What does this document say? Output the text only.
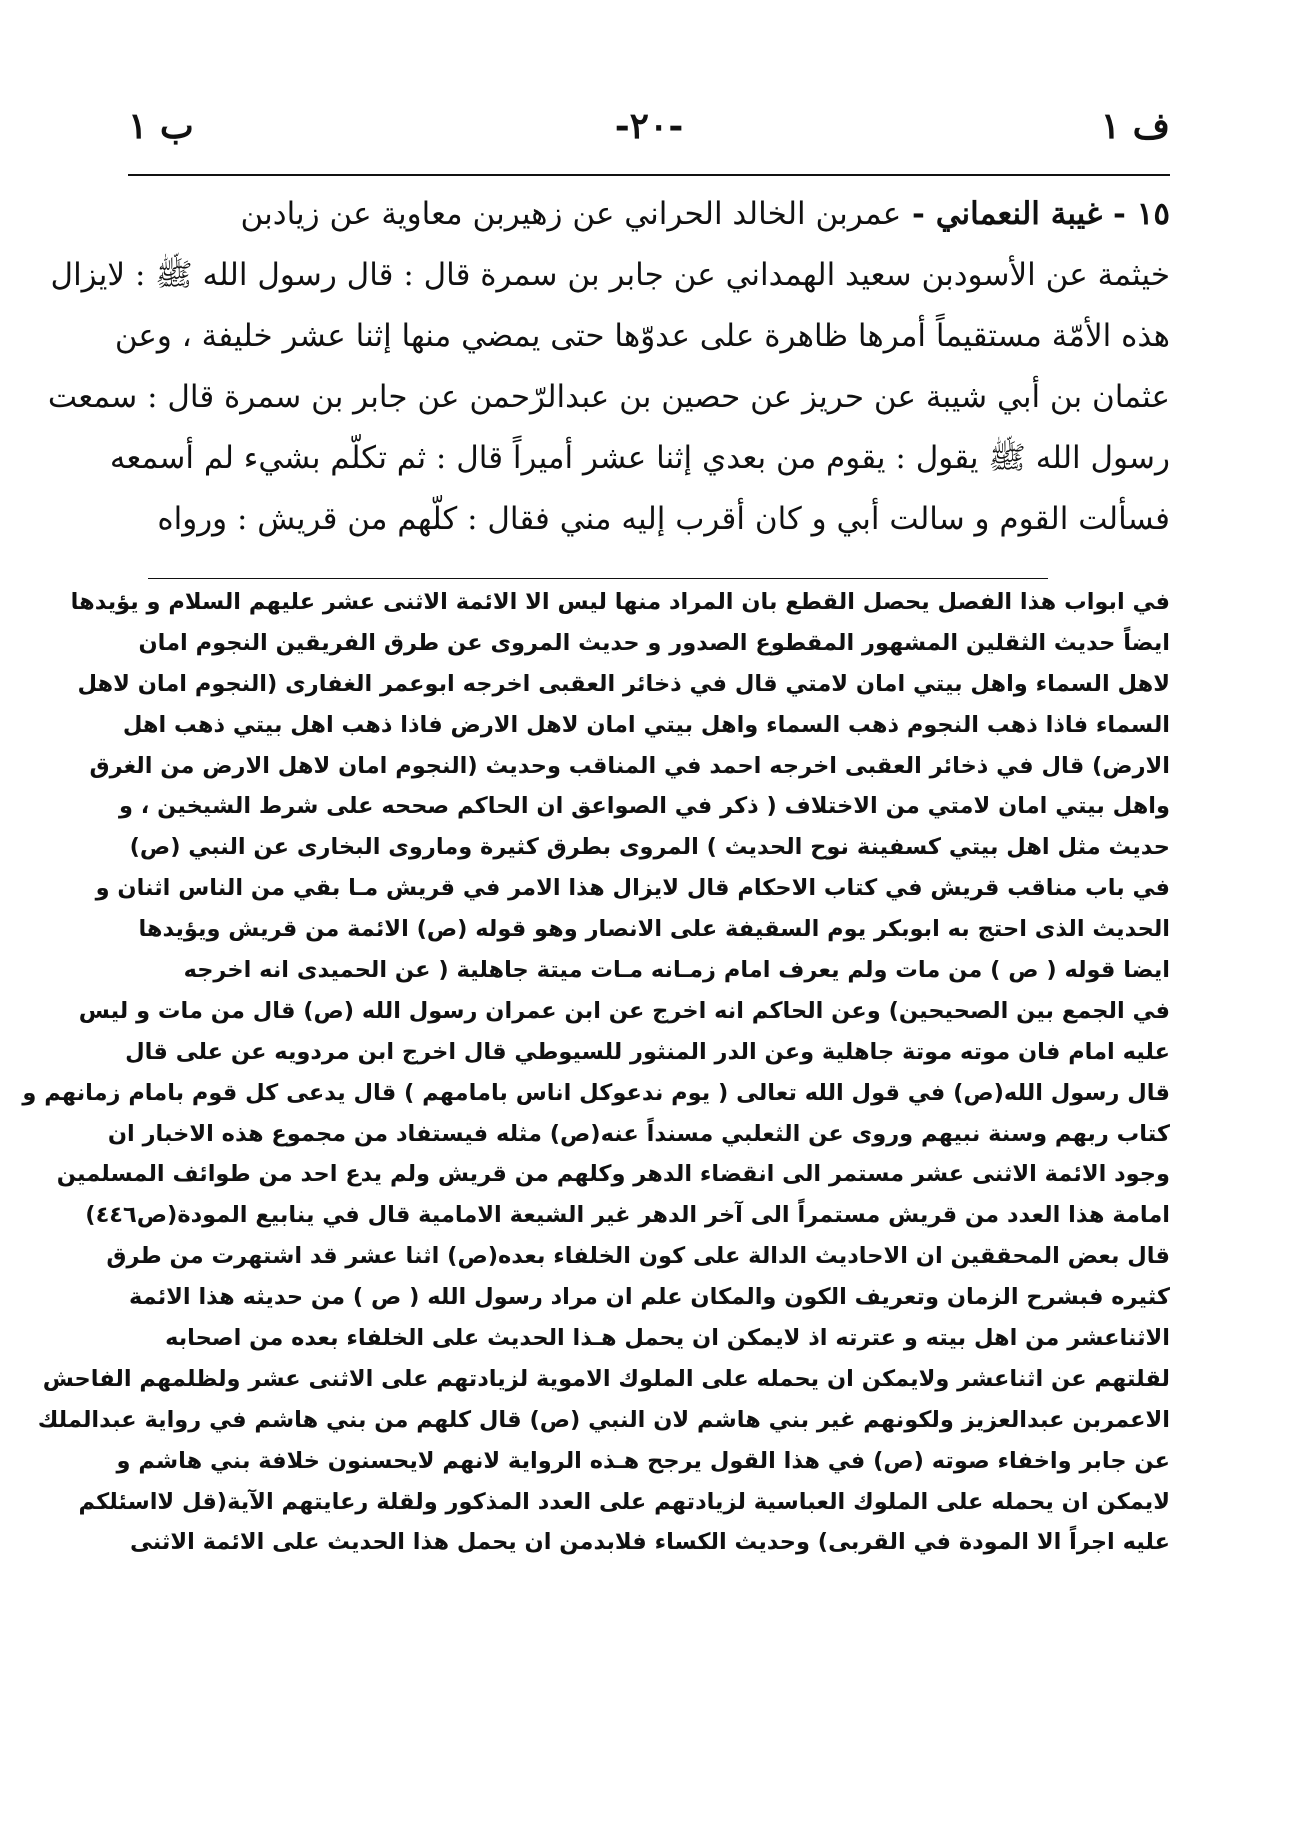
ف ١
-٢٠-
ب ١
١٥ - غيبة النعماني - عمربن الخالد الحراني عن زهيربن معاوية عن زيادبن
خيثمة عن الأسودبن سعيد الهمداني عن جابر بن سمرة قال : قال رسول الله ﷺ : لايزال
هذه الأمّة مستقيماً أمرها ظاهرة على عدوّها حتى يمضي منها إثنا عشر خليفة ، وعن
عثمان بن أبي شيبة عن حريز عن حصين بن عبدالرّحمن عن جابر بن سمرة قال : سمعت
رسول الله ﷺ يقول : يقوم من بعدي إثنا عشر أميراً قال : ثم تكلّم بشيء لم أسمعه
فسألت القوم و سالت أبي و كان أقرب إليه مني فقال : كلّهم من قريش : ورواه
في ابواب هذا الفصل يحصل القطع بان المراد منها ليس الا الائمة الاثنى عشر عليهم السلام و يؤيدها
ايضاً حديث الثقلين المشهور المقطوع الصدور و حديث المروى عن طرق الفريقين النجوم امان
لاهل السماء واهل بيتي امان لامتي قال في ذخائر العقبى اخرجه ابوعمر الغفارى (النجوم امان لاهل
السماء فاذا ذهب النجوم ذهب السماء واهل بيتي امان لاهل الارض فاذا ذهب اهل بيتي ذهب اهل
الارض) قال في ذخائر العقبى اخرجه احمد في المناقب وحديث (النجوم امان لاهل الارض من الغرق
واهل بيتي امان لامتي من الاختلاف ( ذكر في الصواعق ان الحاكم صححه على شرط الشيخين ، و
حديث مثل اهل بيتي كسفينة نوح الحديث ) المروى بطرق كثيرة وماروى البخارى عن النبي (ص)
في باب مناقب قريش في كتاب الاحكام قال لايزال هذا الامر في قريش مـا بقي من الناس اثنان و
الحديث الذى احتج به ابوبكر يوم السقيفة على الانصار وهو قوله (ص) الائمة من قريش ويؤيدها
ايضا قوله ( ص ) من مات ولم يعرف امام زمـانه مـات ميتة جاهلية ( عن الحميدى انه اخرجه
في الجمع بين الصحيحين) وعن الحاكم انه اخرج عن ابن عمران رسول الله (ص) قال من مات و ليس
عليه امام فان موته موتة جاهلية وعن الدر المنثور للسيوطي قال اخرج ابن مردويه عن على قال
قال رسول الله(ص) في قول الله تعالى ( يوم ندعوكل اناس بامامهم ) قال يدعى كل قوم بامام زمانهم و
كتاب ربهم وسنة نبيهم وروى عن الثعلبي مسنداً عنه(ص) مثله فيستفاد من مجموع هذه الاخبار ان
وجود الائمة الاثنى عشر مستمر الى انقضاء الدهر وكلهم من قريش ولم يدع احد من طوائف المسلمين
امامة هذا العدد من قريش مستمراً الى آخر الدهر غير الشيعة الامامية قال في ينابيع المودة(ص٤٤٦)
قال بعض المحققين ان الاحاديث الدالة على كون الخلفاء بعده(ص) اثنا عشر قد اشتهرت من طرق
كثيره فبشرح الزمان وتعريف الكون والمكان علم ان مراد رسول الله ( ص ) من حديثه هذا الائمة
الاثناعشر من اهل بيته و عترته اذ لايمكن ان يحمل هـذا الحديث على الخلفاء بعده من اصحابه
لقلتهم عن اثناعشر ولايمكن ان يحمله على الملوك الاموية لزيادتهم على الاثنى عشر ولظلمهم الفاحش
الاعمربن عبدالعزيز ولكونهم غير بني هاشم لان النبي (ص) قال كلهم من بني هاشم في رواية عبدالملك
عن جابر واخفاء صوته (ص) في هذا القول يرجح هـذه الرواية لانهم لايحسنون خلافة بني هاشم و
لايمكن ان يحمله على الملوك العباسية لزيادتهم على العدد المذكور ولقلة رعايتهم الآية(قل لااسئلكم
عليه اجراً الا المودة في القربى) وحديث الكساء فلابدمن ان يحمل هذا الحديث على الائمة الاثنى
